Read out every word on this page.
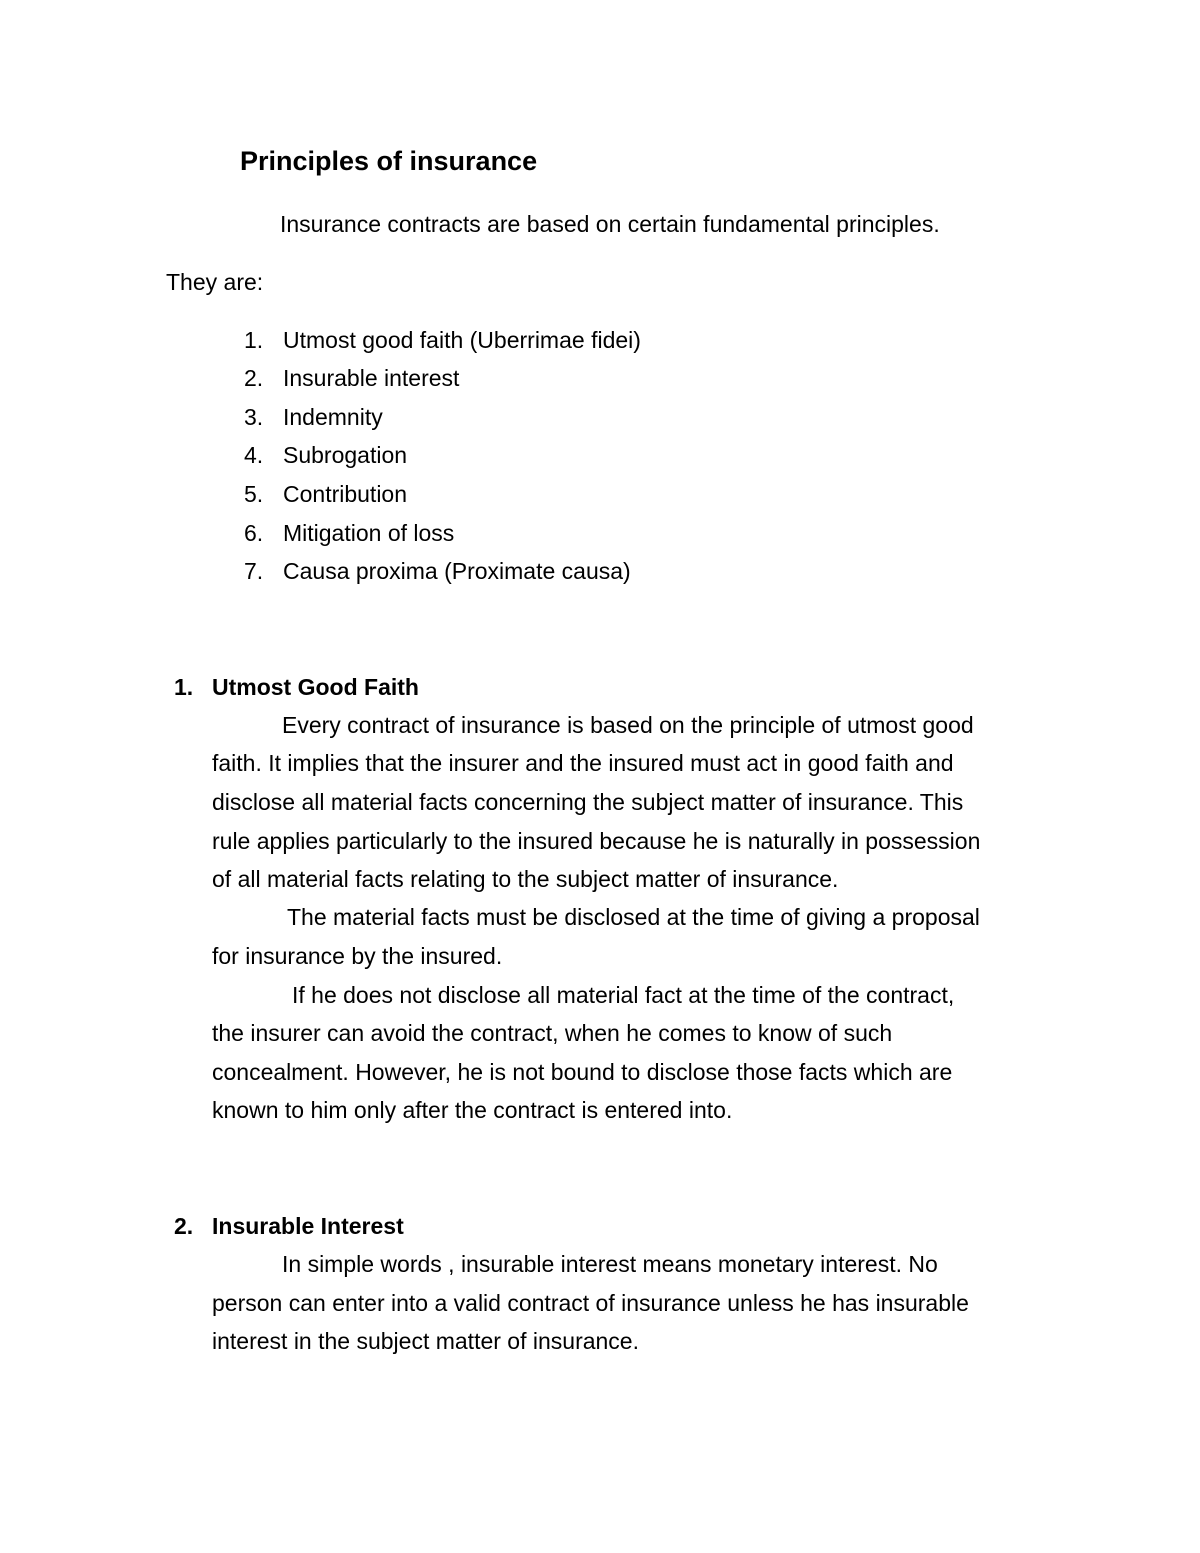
Principles of insurance
Insurance contracts are based on certain fundamental principles.
They are:
1. Utmost good faith (Uberrimae fidei)
2. Insurable interest
3. Indemnity
4. Subrogation
5. Contribution
6. Mitigation of loss
7. Causa proxima (Proximate causa)
1. Utmost Good Faith
Every contract of insurance is based on the principle of utmost good
faith. It implies that the insurer and the insured must act in good faith and
disclose all material facts concerning the subject matter of insurance. This
rule applies particularly to the insured because he is naturally in possession
of all material facts relating to the subject matter of insurance.
The material facts must be disclosed at the time of giving a proposal
for insurance by the insured.
If he does not disclose all material fact at the time of the contract,
the insurer can avoid the contract, when he comes to know of such
concealment. However, he is not bound to disclose those facts which are
known to him only after the contract is entered into.
2. Insurable Interest
In simple words , insurable interest means monetary interest. No
person can enter into a valid contract of insurance unless he has insurable
interest in the subject matter of insurance.
